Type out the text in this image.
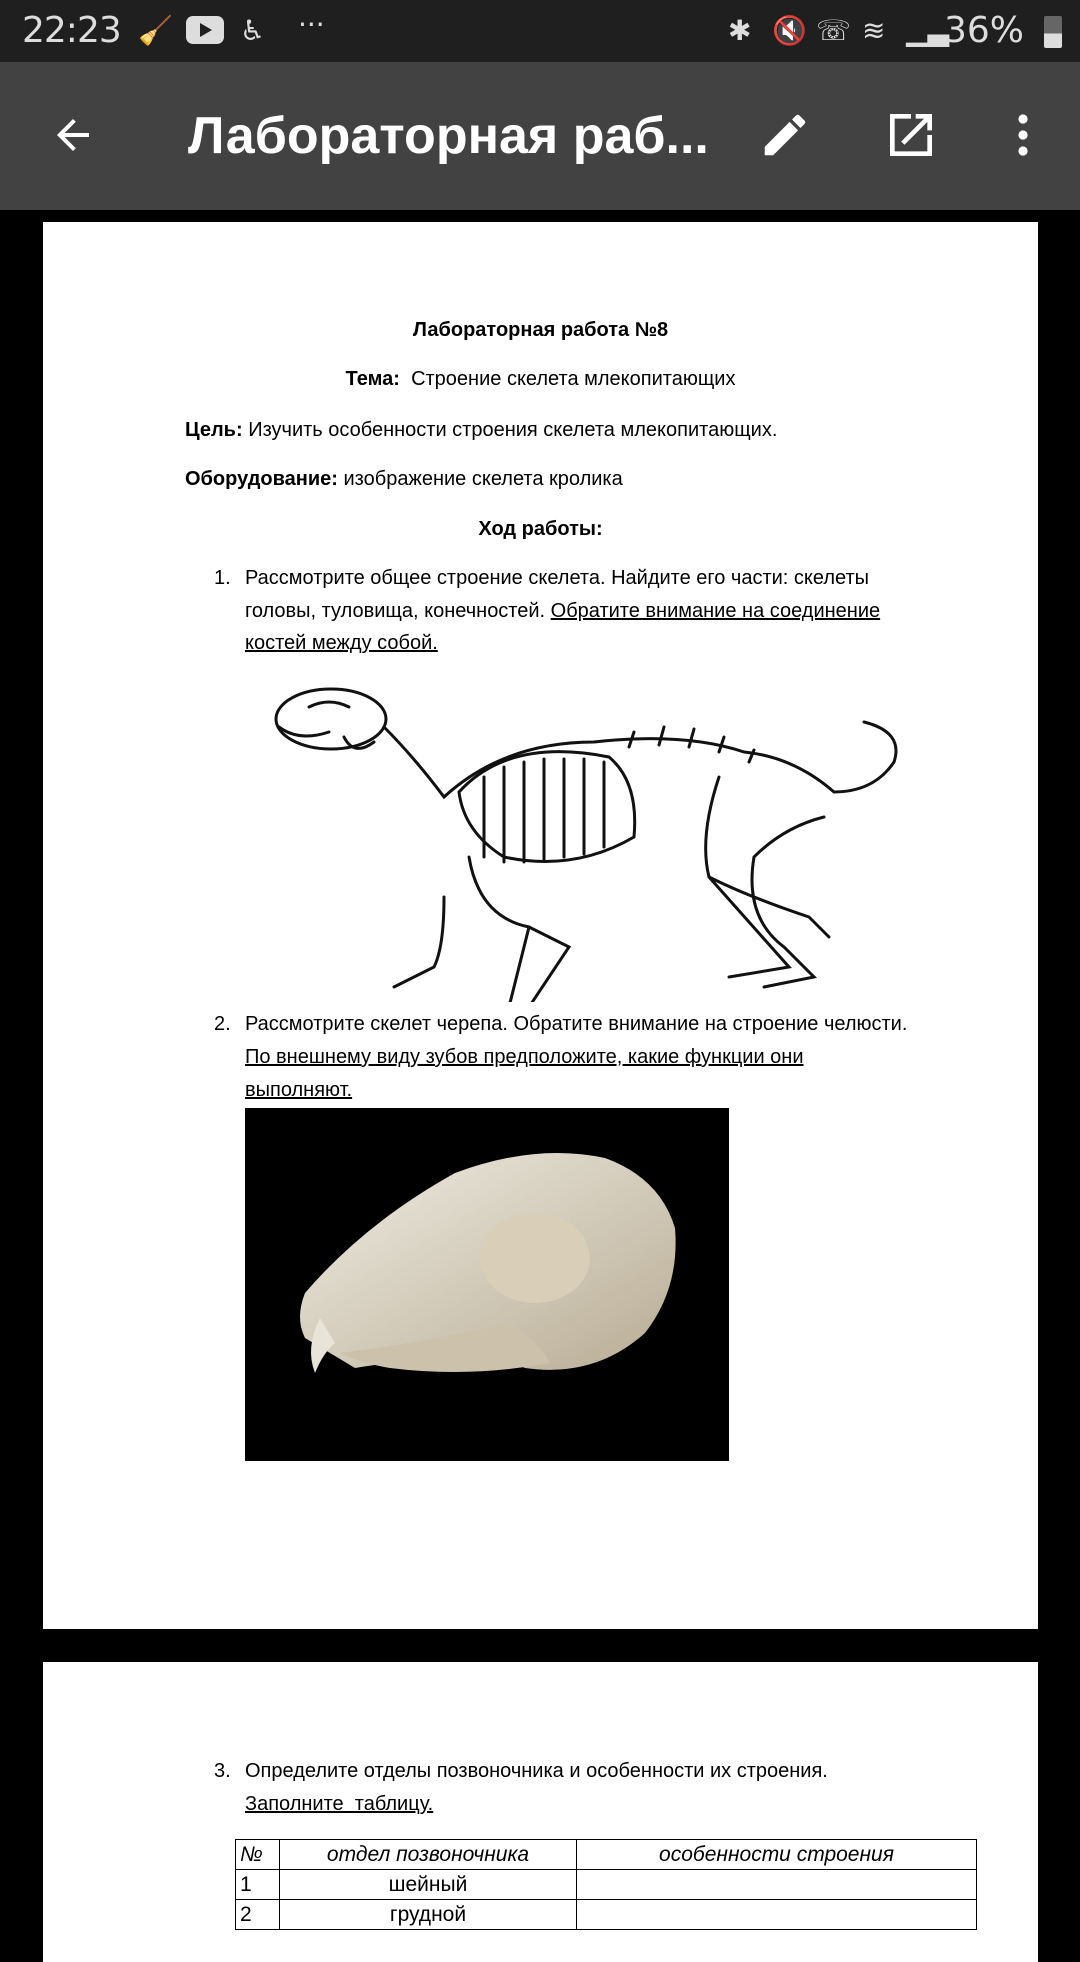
22:23 🧹 ♿ ···	✱ 🔇 ☏ ≋ ▁▃
36%
Лабораторная раб...
Лабораторная работа №8
Тема: Строение скелета млекопитающих
Цель: Изучить особенности строения скелета млекопитающих.
Оборудование: изображение скелета кролика
Ход работы:
1. Рассмотрите общее строение скелета. Найдите его части: скелеты
головы, туловища, конечностей. Обратите внимание на соединение
костей между собой.
2. Рассмотрите скелет черепа. Обратите внимание на строение челюсти.
По внешнему виду зубов предположите, какие функции они
выполняют.
3. Определите отделы позвоночника и особенности их строения.
Заполните  таблицу.
№	отдел позвоночника	особенности строения
1	шейный	
2	грудной	
